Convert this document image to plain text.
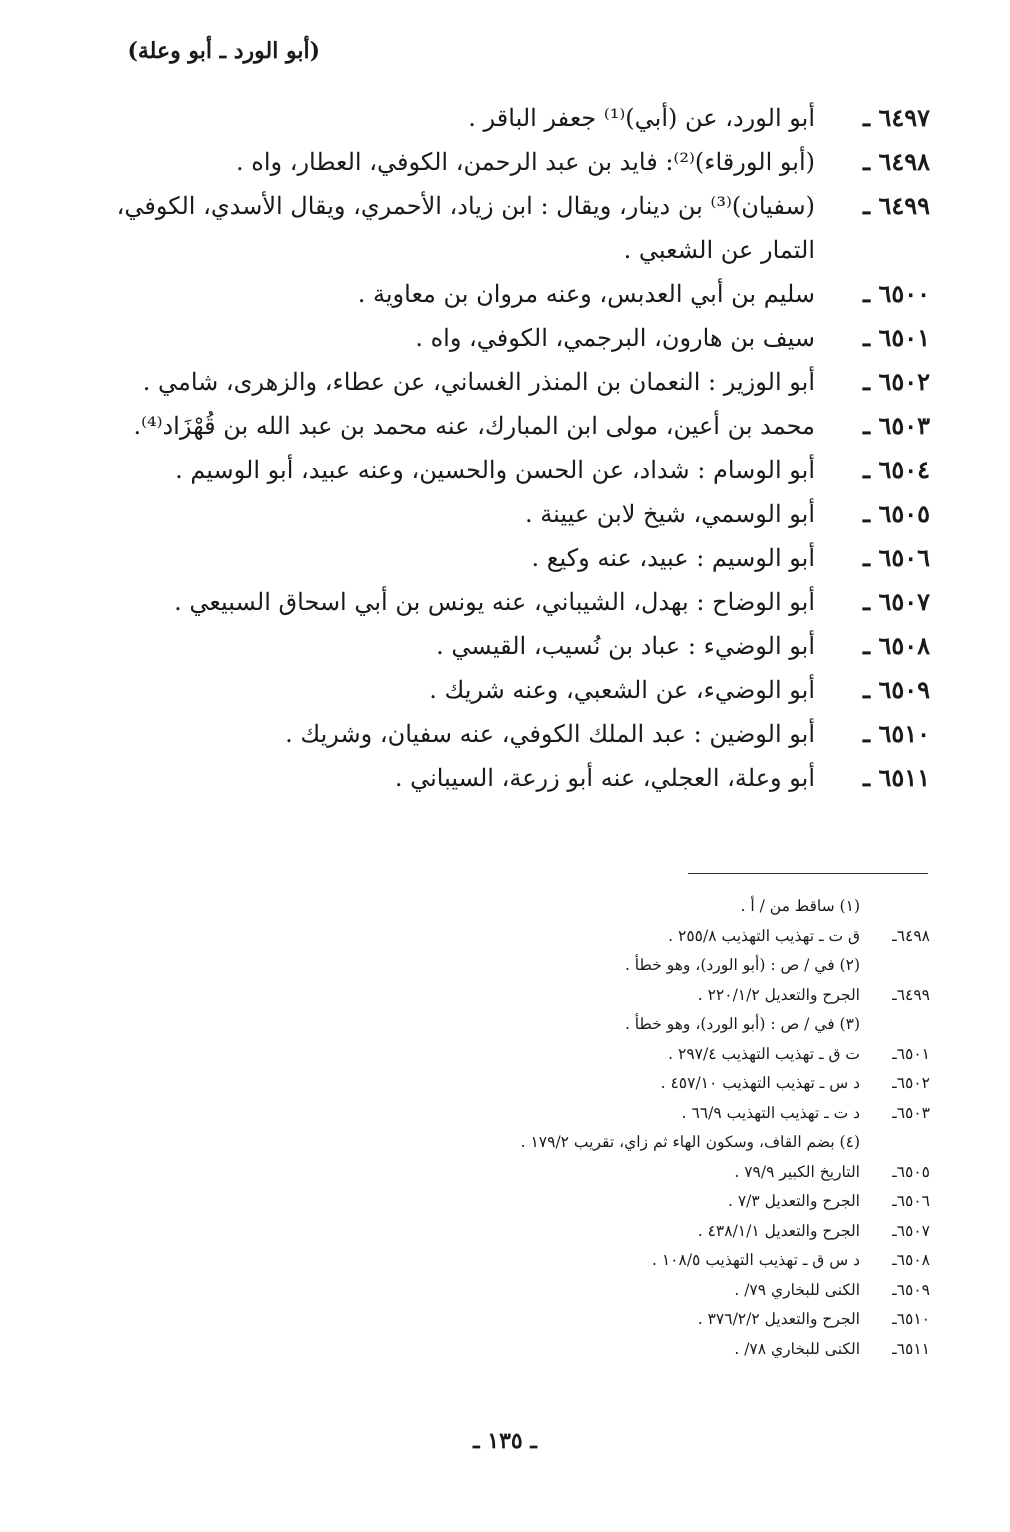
(أبو الورد ـ أبو وعلة)
٦٤٩٧ ـ
أبو الورد، عن (أبي)⁽¹⁾ جعفر الباقر .
٦٤٩٨ ـ
(أبو الورقاء)⁽²⁾: فايد بن عبد الرحمن، الكوفي، العطار، واه .
٦٤٩٩ ـ
(سفيان)⁽³⁾ بن دينار، ويقال : ابن زياد، الأحمري، ويقال الأسدي، الكوفي، التمار عن الشعبي .
٦٥٠٠ ـ
سليم بن أبي العدبس، وعنه مروان بن معاوية .
٦٥٠١ ـ
سيف بن هارون، البرجمي، الكوفي، واه .
٦٥٠٢ ـ
أبو الوزير : النعمان بن المنذر الغساني، عن عطاء، والزهرى، شامي .
٦٥٠٣ ـ
محمد بن أعين، مولى ابن المبارك، عنه محمد بن عبد الله بن قُهْزَاد⁽⁴⁾.
٦٥٠٤ ـ
أبو الوسام : شداد، عن الحسن والحسين، وعنه عبيد، أبو الوسيم .
٦٥٠٥ ـ
أبو الوسمي، شيخ لابن عيينة .
٦٥٠٦ ـ
أبو الوسيم : عبيد، عنه وكيع .
٦٥٠٧ ـ
أبو الوضاح : بهدل، الشيباني، عنه يونس بن أبي اسحاق السبيعي .
٦٥٠٨ ـ
أبو الوضيء : عباد بن نُسيب، القيسي .
٦٥٠٩ ـ
أبو الوضيء، عن الشعبي، وعنه شريك .
٦٥١٠ ـ
أبو الوضين : عبد الملك الكوفي، عنه سفيان، وشريك .
٦٥١١ ـ
أبو وعلة، العجلي، عنه أبو زرعة، السيباني .
(١) ساقط من / أ .
٦٤٩٨ـ
ق ت ـ تهذيب التهذيب ٢٥٥/٨ .
(٢) في / ص : (أبو الورد)، وهو خطأ .
٦٤٩٩ـ
الجرح والتعديل ٢٢٠/١/٢ .
(٣) في / ص : (أبو الورد)، وهو خطأ .
٦٥٠١ـ
ت ق ـ تهذيب التهذيب ٢٩٧/٤ .
٦٥٠٢ـ
د س ـ تهذيب التهذيب ٤٥٧/١٠ .
٦٥٠٣ـ
د ت ـ تهذيب التهذيب ٦٦/٩ .
(٤) بضم القاف، وسكون الهاء ثم زاي، تقريب ١٧٩/٢ .
٦٥٠٥ـ
التاريخ الكبير ٧٩/٩ .
٦٥٠٦ـ
الجرح والتعديل ٧/٣ .
٦٥٠٧ـ
الجرح والتعديل ٤٣٨/١/١ .
٦٥٠٨ـ
د س ق ـ تهذيب التهذيب ١٠٨/٥ .
٦٥٠٩ـ
الكنى للبخاري ٧٩/ .
٦٥١٠ـ
الجرح والتعديل ٣٧٦/٢/٢ .
٦٥١١ـ
الكنى للبخاري ٧٨/ .
ـ ١٣٥ ـ
